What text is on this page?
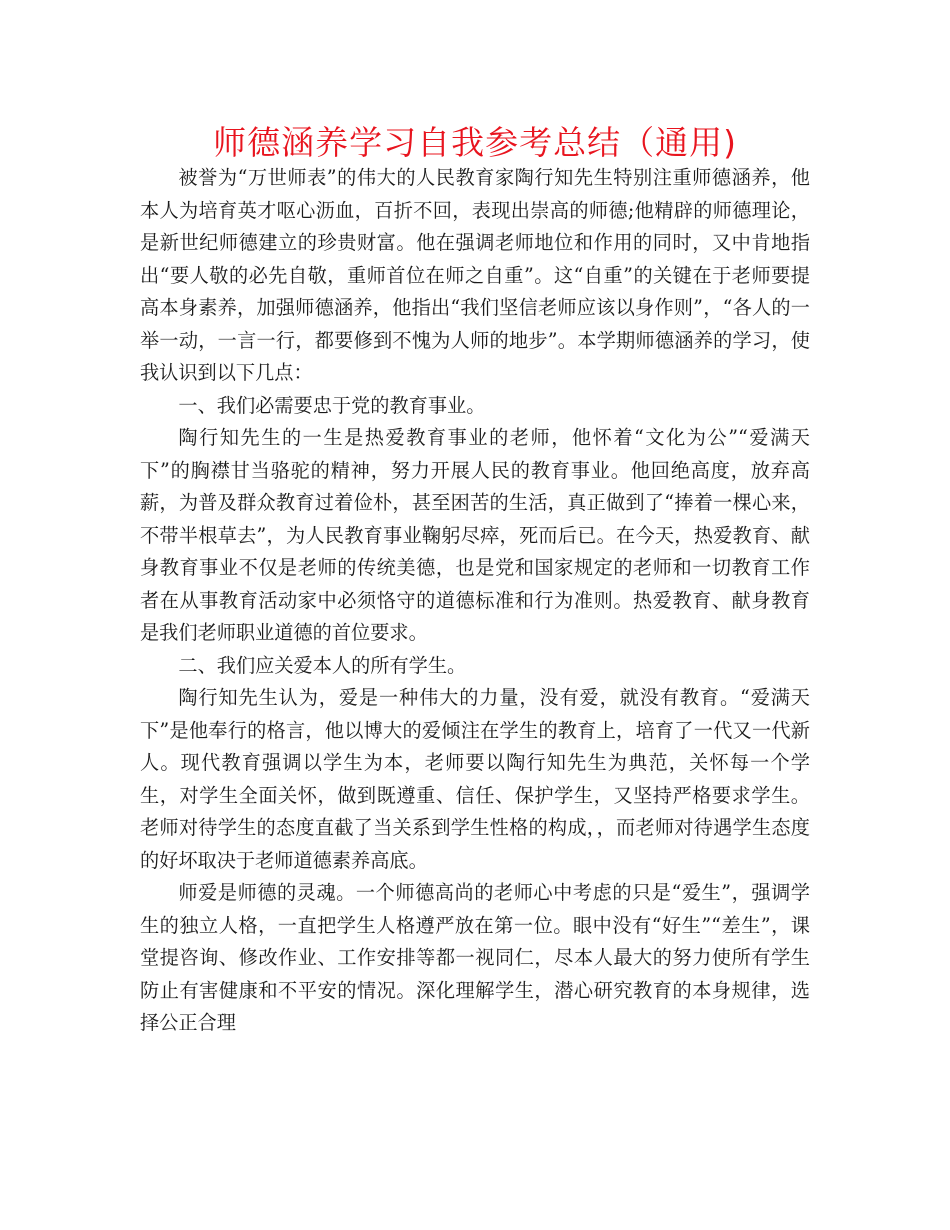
师德涵养学习自我参考总结（通用)

被誉为“万世师表”的伟大的人民教育家陶行知先生特别注重师德涵养，他本人为培育英才呕心沥血，百折不回，表现出崇高的师德;他精辟的师德理论，是新世纪师德建立的珍贵财富。他在强调老师地位和作用的同时，又中肯地指出“要人敬的必先自敬，重师首位在师之自重”。这“自重”的关键在于老师要提高本身素养，加强师德涵养，他指出“我们坚信老师应该以身作则”，“各人的一举一动，一言一行，都要修到不愧为人师的地步”。本学期师德涵养的学习，使我认识到以下几点：

一、我们必需要忠于党的教育事业。

陶行知先生的一生是热爱教育事业的老师，他怀着“文化为公”“爱满天下”的胸襟甘当骆驼的精神，努力开展人民的教育事业。他回绝高度，放弃高薪，为普及群众教育过着俭朴，甚至困苦的生活，真正做到了“捧着一棵心来，不带半根草去”，为人民教育事业鞠躬尽瘁，死而后已。在今天，热爱教育、献身教育事业不仅是老师的传统美德，也是党和国家规定的老师和一切教育工作者在从事教育活动家中必须恪守的道德标准和行为准则。热爱教育、献身教育是我们老师职业道德的首位要求。

二、我们应关爱本人的所有学生。

陶行知先生认为，爱是一种伟大的力量，没有爱，就没有教育。“爱满天下”是他奉行的格言，他以博大的爱倾注在学生的教育上，培育了一代又一代新人。现代教育强调以学生为本，老师要以陶行知先生为典范，关怀每一个学生，对学生全面关怀，做到既遵重、信任、保护学生，又坚持严格要求学生。老师对待学生的态度直截了当关系到学生性格的构成，，而老师对待遇学生态度的好坏取决于老师道德素养高底。

师爱是师德的灵魂。一个师德高尚的老师心中考虑的只是“爱生”，强调学生的独立人格，一直把学生人格遵严放在第一位。眼中没有“好生”“差生”，课堂提咨询、修改作业、工作安排等都一视同仁，尽本人最大的努力使所有学生防止有害健康和不平安的情况。深化理解学生，潜心研究教育的本身规律，选择公正合理
